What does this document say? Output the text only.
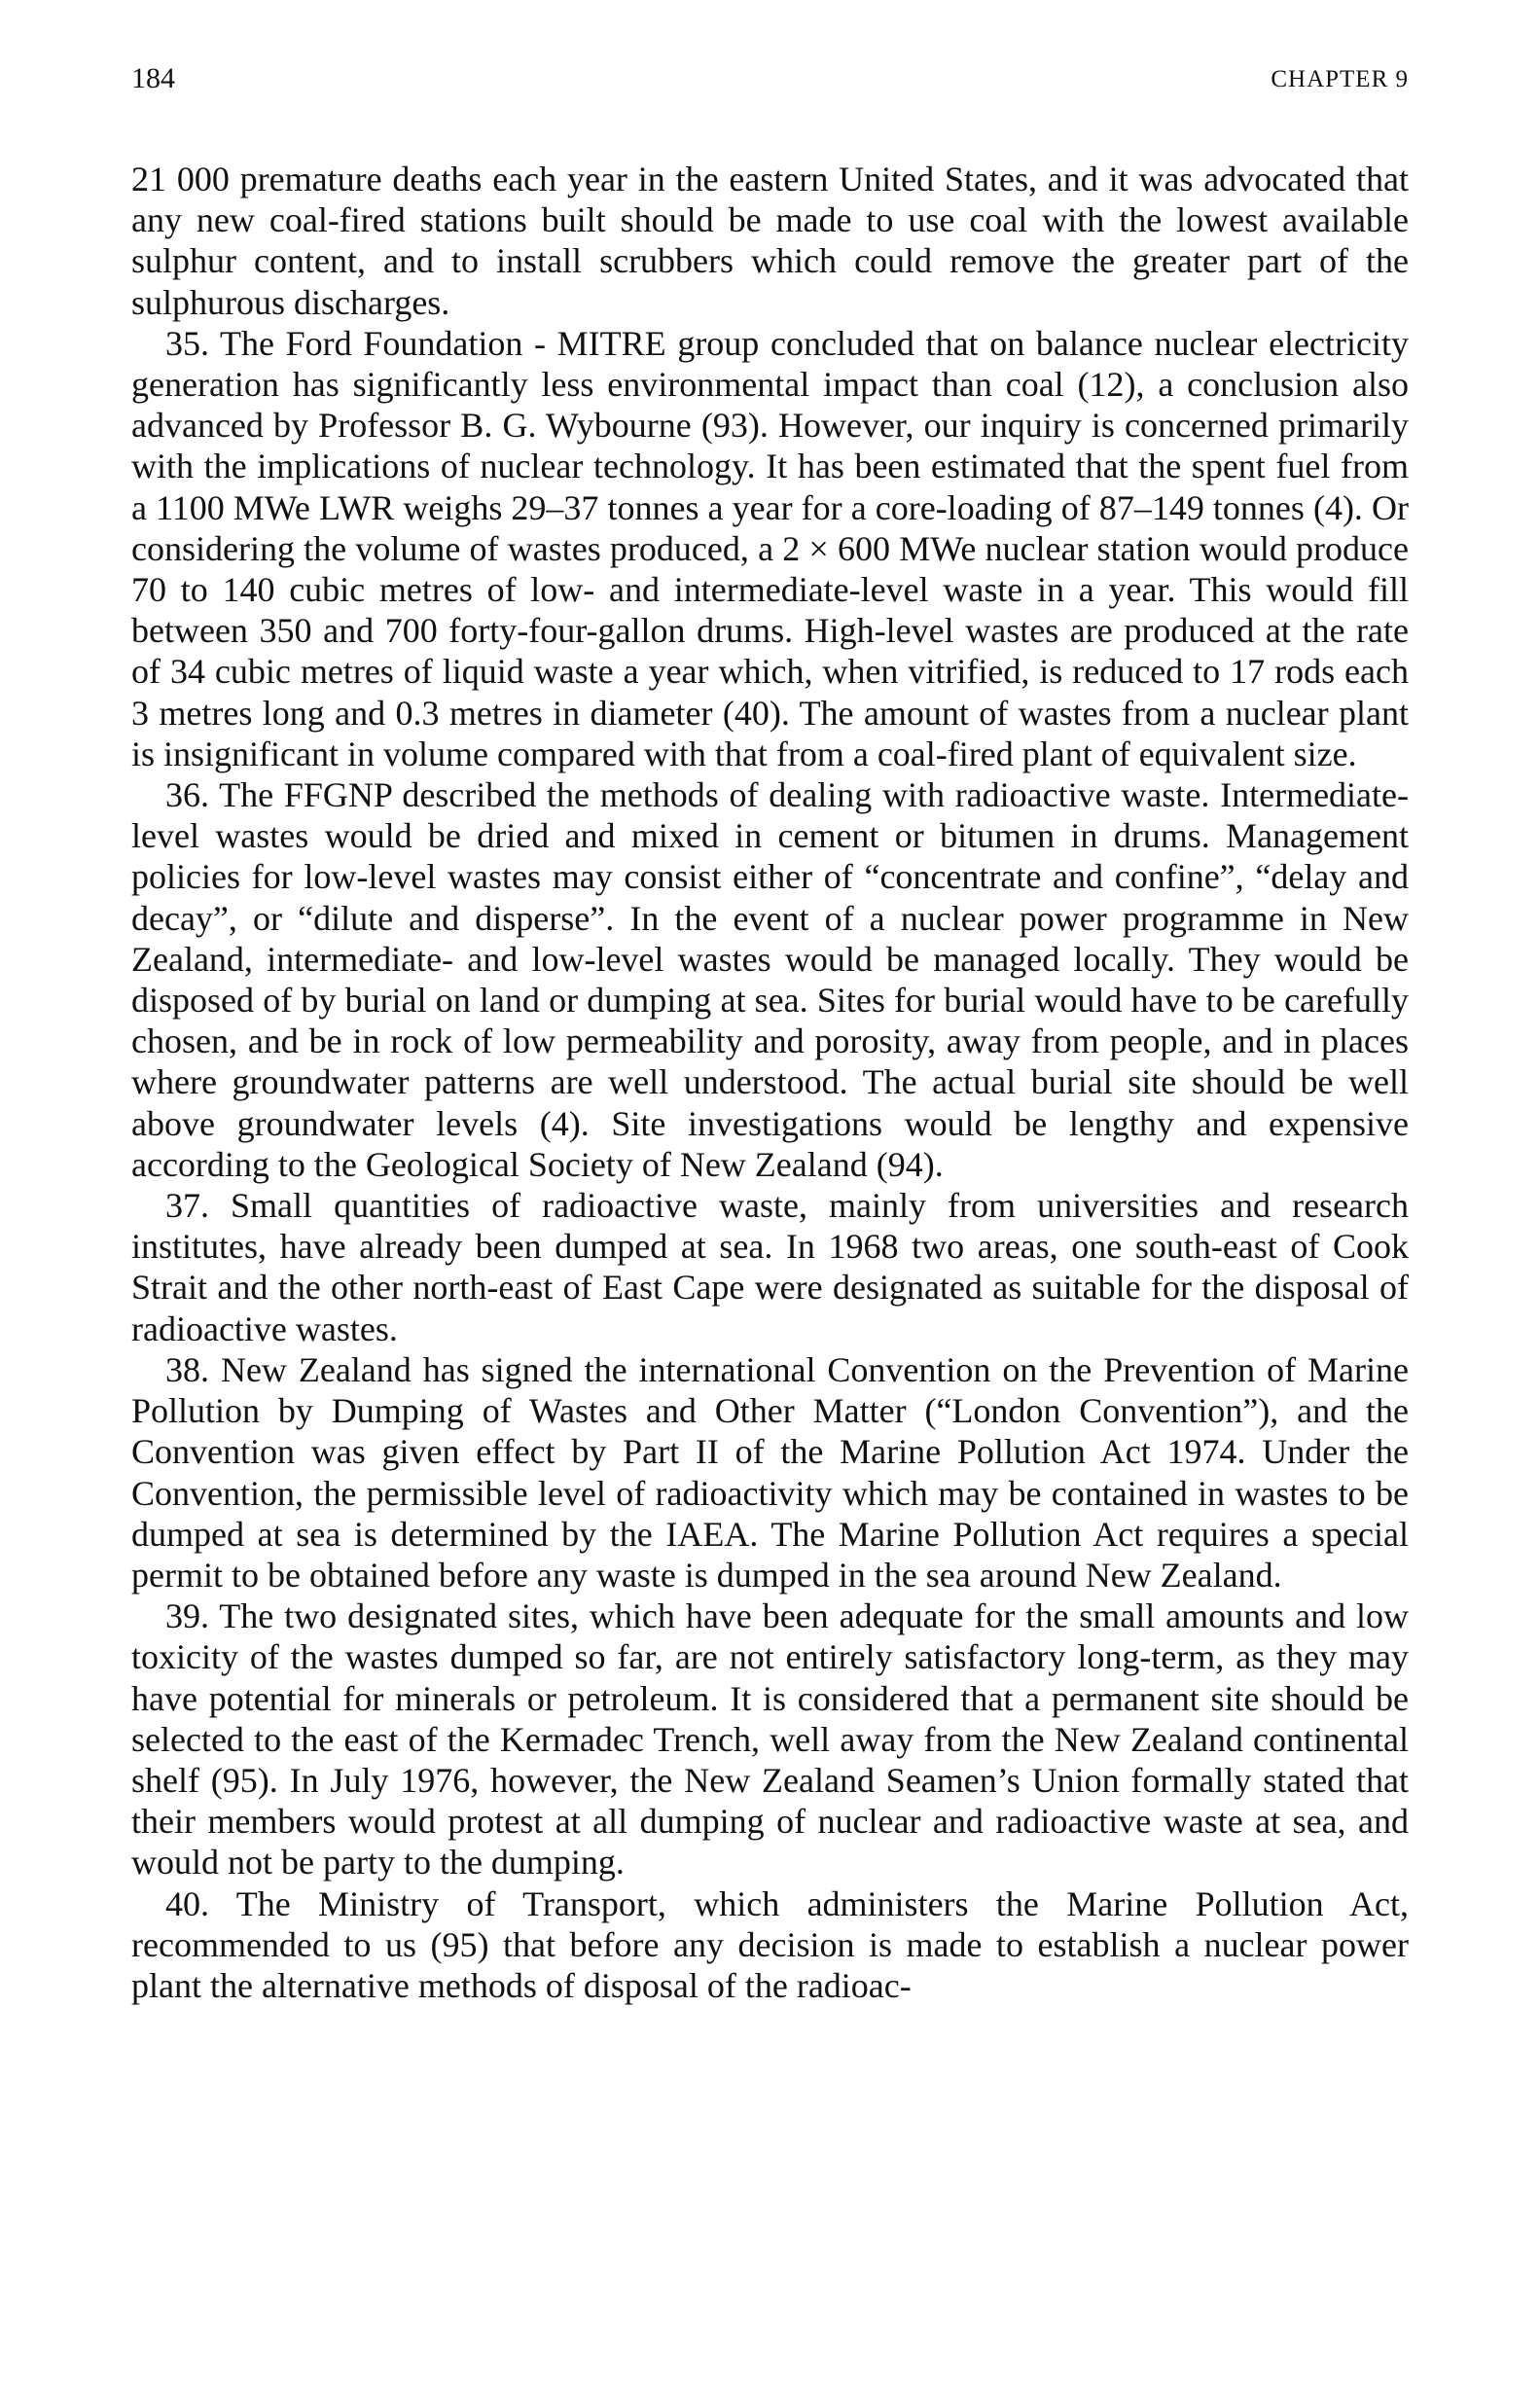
184	CHAPTER 9

21 000 premature deaths each year in the eastern United States, and it was advocated that any new coal-fired stations built should be made to use coal with the lowest available sulphur content, and to install scrubbers which could remove the greater part of the sulphurous discharges.

35. The Ford Foundation - MITRE group concluded that on balance nuclear electricity generation has significantly less environmental impact than coal (12), a conclusion also advanced by Professor B. G. Wybourne (93). However, our inquiry is concerned primarily with the implications of nuclear technology. It has been estimated that the spent fuel from a 1100 MWe LWR weighs 29–37 tonnes a year for a core-loading of 87–149 tonnes (4). Or considering the volume of wastes produced, a 2 × 600 MWe nuclear station would produce 70 to 140 cubic metres of low- and intermediate-level waste in a year. This would fill between 350 and 700 forty-four-gallon drums. High-level wastes are produced at the rate of 34 cubic metres of liquid waste a year which, when vitrified, is reduced to 17 rods each 3 metres long and 0.3 metres in diameter (40). The amount of wastes from a nuclear plant is insignificant in volume compared with that from a coal-fired plant of equivalent size.

36. The FFGNP described the methods of dealing with radioactive waste. Intermediate-level wastes would be dried and mixed in cement or bitumen in drums. Management policies for low-level wastes may consist either of “concentrate and confine”, “delay and decay”, or “dilute and disperse”. In the event of a nuclear power programme in New Zealand, intermediate- and low-level wastes would be managed locally. They would be disposed of by burial on land or dumping at sea. Sites for burial would have to be carefully chosen, and be in rock of low permeability and porosity, away from people, and in places where groundwater patterns are well understood. The actual burial site should be well above groundwater levels (4). Site investigations would be lengthy and expensive according to the Geological Society of New Zealand (94).

37. Small quantities of radioactive waste, mainly from universities and research institutes, have already been dumped at sea. In 1968 two areas, one south-east of Cook Strait and the other north-east of East Cape were designated as suitable for the disposal of radioactive wastes.

38. New Zealand has signed the international Convention on the Prevention of Marine Pollution by Dumping of Wastes and Other Matter (“London Convention”), and the Convention was given effect by Part II of the Marine Pollution Act 1974. Under the Convention, the permissible level of radioactivity which may be contained in wastes to be dumped at sea is determined by the IAEA. The Marine Pollution Act requires a special permit to be obtained before any waste is dumped in the sea around New Zealand.

39. The two designated sites, which have been adequate for the small amounts and low toxicity of the wastes dumped so far, are not entirely satisfactory long-term, as they may have potential for minerals or petroleum. It is considered that a permanent site should be selected to the east of the Kermadec Trench, well away from the New Zealand continental shelf (95). In July 1976, however, the New Zealand Seamen’s Union formally stated that their members would protest at all dumping of nuclear and radioactive waste at sea, and would not be party to the dumping.

40. The Ministry of Transport, which administers the Marine Pollution Act, recommended to us (95) that before any decision is made to establish a nuclear power plant the alternative methods of disposal of the radioac-
